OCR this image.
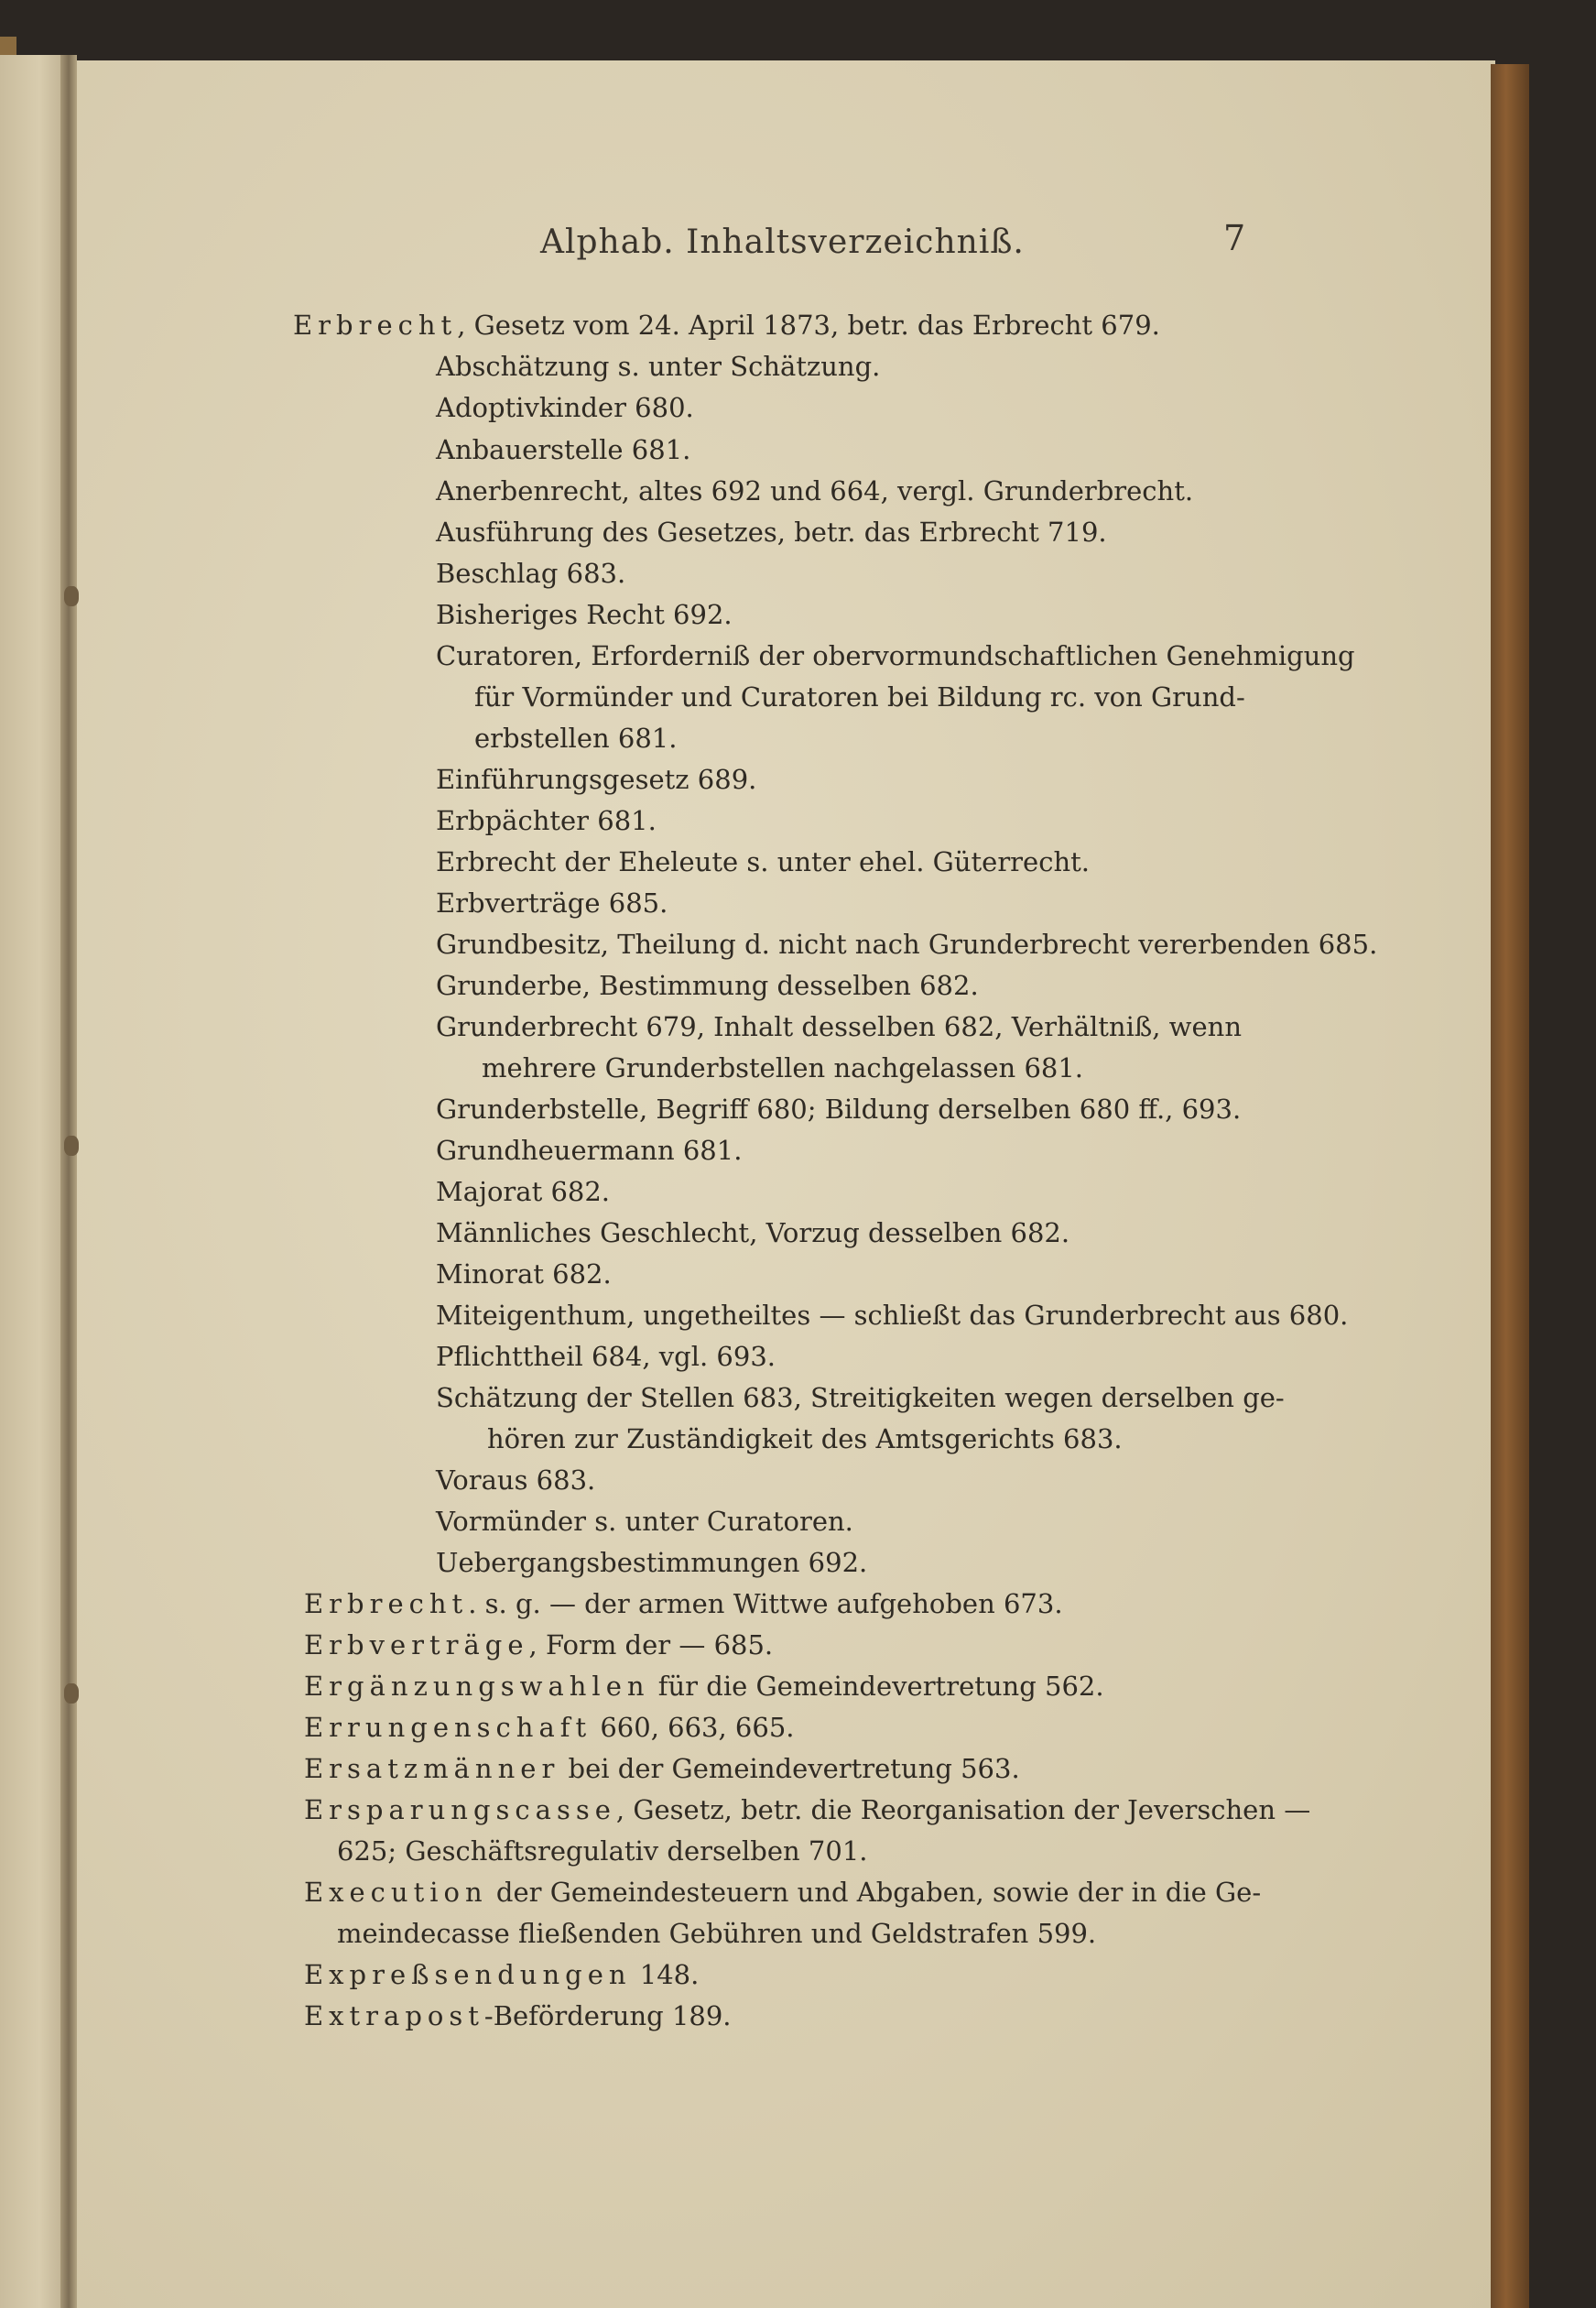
Alphab. Inhaltsverzeichniß.	7
Erbrecht, Gesetz vom 24. April 1873, betr. das Erbrecht 679.
Abschätzung s. unter Schätzung.
Adoptivkinder 680.
Anbauerstelle 681.
Anerbenrecht, altes 692 und 664, vergl. Grunderbrecht.
Ausführung des Gesetzes, betr. das Erbrecht 719.
Beschlag 683.
Bisheriges Recht 692.
Curatoren, Erforderniß der obervormundschaftlichen Genehmigung
für Vormünder und Curatoren bei Bildung rc. von Grund-
erbstellen 681.
Einführungsgesetz 689.
Erbpächter 681.
Erbrecht der Eheleute s. unter ehel. Güterrecht.
Erbverträge 685.
Grundbesitz, Theilung d. nicht nach Grunderbrecht vererbenden 685.
Grunderbe, Bestimmung desselben 682.
Grunderbrecht 679, Inhalt desselben 682, Verhältniß, wenn
mehrere Grunderbstellen nachgelassen 681.
Grunderbstelle, Begriff 680; Bildung derselben 680 ff., 693.
Grundheuermann 681.
Majorat 682.
Männliches Geschlecht, Vorzug desselben 682.
Minorat 682.
Miteigenthum, ungetheiltes — schließt das Grunderbrecht aus 680.
Pflichttheil 684, vgl. 693.
Schätzung der Stellen 683, Streitigkeiten wegen derselben ge-
hören zur Zuständigkeit des Amtsgerichts 683.
Voraus 683.
Vormünder s. unter Curatoren.
Uebergangsbestimmungen 692.
Erbrecht. s. g. — der armen Wittwe aufgehoben 673.
Erbverträge, Form der — 685.
Ergänzungswahlen für die Gemeindevertretung 562.
Errungenschaft 660, 663, 665.
Ersatzmänner bei der Gemeindevertretung 563.
Ersparungscasse, Gesetz, betr. die Reorganisation der Jeverschen —
625; Geschäftsregulativ derselben 701.
Execution der Gemeindesteuern und Abgaben, sowie der in die Ge-
meindecasse fließenden Gebühren und Geldstrafen 599.
Expreßsendungen 148.
Extrapost-Beförderung 189.
